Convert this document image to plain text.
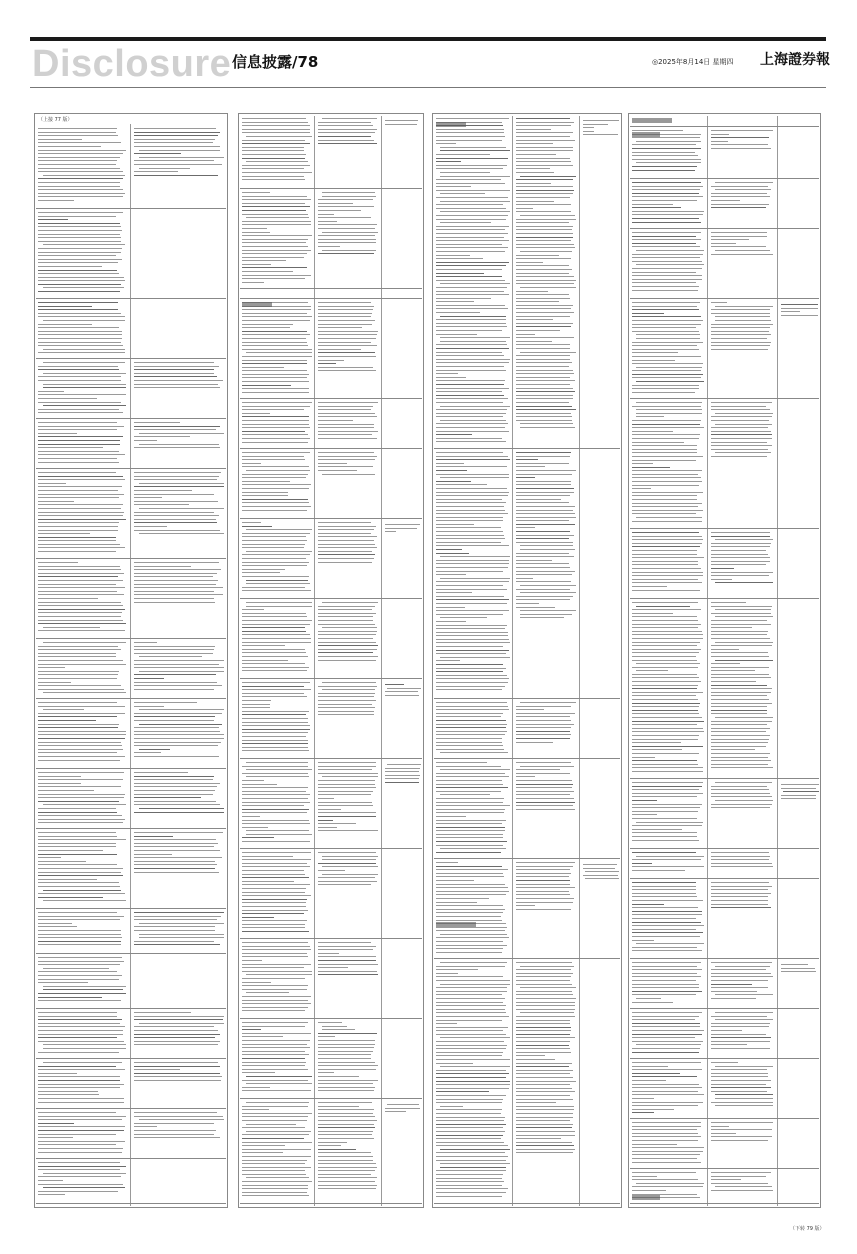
Disclosure 信息披露/78	◎2025年8月14日 星期四 上海證券報
（上接 77 版）
（下转 79 版）
